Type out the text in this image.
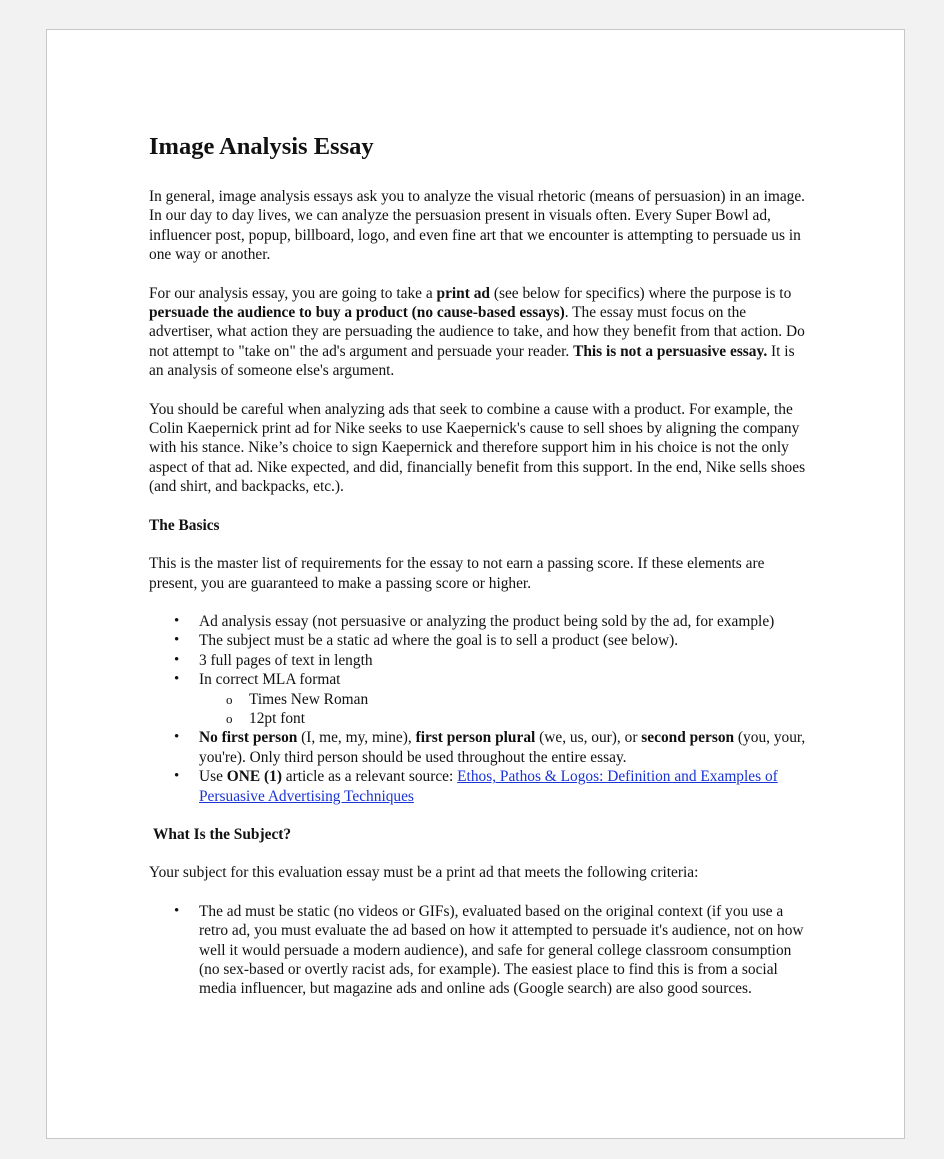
Image Analysis Essay

In general, image analysis essays ask you to analyze the visual rhetoric (means of persuasion) in an image. In our day to day lives, we can analyze the persuasion present in visuals often. Every Super Bowl ad, influencer post, popup, billboard, logo, and even fine art that we encounter is attempting to persuade us in one way or another.

For our analysis essay, you are going to take a print ad (see below for specifics) where the purpose is to persuade the audience to buy a product (no cause-based essays). The essay must focus on the advertiser, what action they are persuading the audience to take, and how they benefit from that action. Do not attempt to "take on" the ad's argument and persuade your reader. This is not a persuasive essay. It is an analysis of someone else's argument.

You should be careful when analyzing ads that seek to combine a cause with a product. For example, the Colin Kaepernick print ad for Nike seeks to use Kaepernick's cause to sell shoes by aligning the company with his stance. Nike’s choice to sign Kaepernick and therefore support him in his choice is not the only aspect of that ad. Nike expected, and did, financially benefit from this support. In the end, Nike sells shoes (and shirt, and backpacks, etc.).

The Basics

This is the master list of requirements for the essay to not earn a passing score. If these elements are present, you are guaranteed to make a passing score or higher.

• Ad analysis essay (not persuasive or analyzing the product being sold by the ad, for example)
• The subject must be a static ad where the goal is to sell a product (see below).
• 3 full pages of text in length
• In correct MLA format
o Times New Roman
o 12pt font
• No first person (I, me, my, mine), first person plural (we, us, our), or second person (you, your, you're). Only third person should be used throughout the entire essay.
• Use ONE (1) article as a relevant source: Ethos, Pathos & Logos: Definition and Examples of Persuasive Advertising Techniques
What Is the Subject?

Your subject for this evaluation essay must be a print ad that meets the following criteria:

• The ad must be static (no videos or GIFs), evaluated based on the original context (if you use a retro ad, you must evaluate the ad based on how it attempted to persuade it's audience, not on how well it would persuade a modern audience), and safe for general college classroom consumption (no sex-based or overtly racist ads, for example). The easiest place to find this is from a social media influencer, but magazine ads and online ads (Google search) are also good sources.
